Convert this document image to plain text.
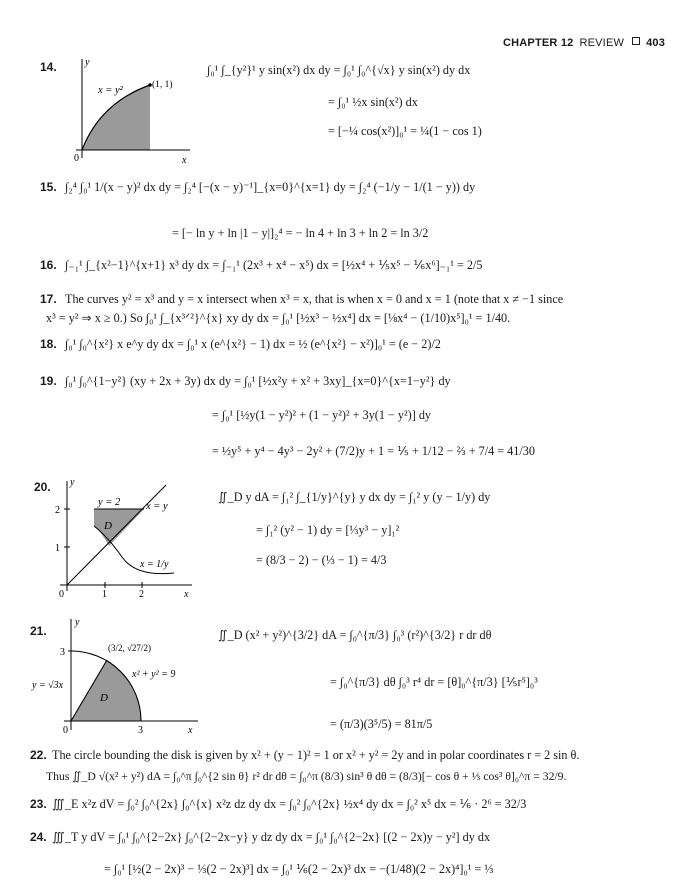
CHAPTER 12 REVIEW 403
14.	y
x = y²	(1, 1)
0	x
∫₀¹ ∫_{y²}¹ y sin(x²) dx dy = ∫₀¹ ∫₀^{√x} y sin(x²) dy dx
= ∫₀¹ ½x sin(x²) dx
= [−¼ cos(x²)]₀¹ = ¼(1 − cos 1)
15. ∫₂⁴ ∫₀¹ 1/(x − y)² dx dy = ∫₂⁴ [−(x − y)⁻¹]_{x=0}^{x=1} dy = ∫₂⁴ (−1/y − 1/(1 − y)) dy
= [− ln y + ln |1 − y|]₂⁴ = − ln 4 + ln 3 + ln 2 = ln 3/2
16. ∫₋₁¹ ∫_{x²−1}^{x+1} x³ dy dx = ∫₋₁¹ (2x³ + x⁴ − x⁵) dx = [½x⁴ + ⅕x⁵ − ⅙x⁶]₋₁¹ = 2/5
17. The curves y² = x³ and y = x intersect when x³ = x, that is when x = 0 and x = 1 (note that x ≠ −1 since
x³ = y² ⇒ x ≥ 0.) So ∫₀¹ ∫_{x³ᐟ²}^{x} xy dy dx = ∫₀¹ [½x³ − ½x⁴] dx = [⅛x⁴ − (1/10)x⁵]₀¹ = 1/40.
18. ∫₀¹ ∫₀^{x²} x e^y dy dx = ∫₀¹ x (e^{x²} − 1) dx = ½ (e^{x²} − x²)]₀¹ = (e − 2)/2
19. ∫₀¹ ∫₀^{1−y²} (xy + 2x + 3y) dx dy = ∫₀¹ [½x²y + x² + 3xy]_{x=0}^{x=1−y²} dy
= ∫₀¹ [½y(1 − y²)² + (1 − y²)² + 3y(1 − y²)] dy
= ½y⁵ + y⁴ − 4y³ − 2y² + (7/2)y + 1 = ⅕ + 1/12 − ⅔ + 7/4 = 41/30
20. y
y = 2 x = y
D
2
1
x = 1/y
0	1	2	x
∬_D y dA = ∫₁² ∫_{1/y}^{y} y dx dy = ∫₁² y (y − 1/y) dy
= ∫₁² (y² − 1) dy = [⅓y³ − y]₁²
= (8/3 − 2) − (⅓ − 1) = 4/3
21.
y
3	(3/2, √27/2)
x² + y² = 9
y = √3x
D
0	3	x
∬_D (x² + y²)^{3/2} dA = ∫₀^{π/3} ∫₀³ (r²)^{3/2} r dr dθ
= ∫₀^{π/3} dθ ∫₀³ r⁴ dr = [θ]₀^{π/3} [⅕r⁵]₀³
= (π/3)(3⁵/5) = 81π/5
22. The circle bounding the disk is given by x² + (y − 1)² = 1 or x² + y² = 2y and in polar coordinates r = 2 sin θ.
Thus ∬_D √(x² + y²) dA = ∫₀^π ∫₀^{2 sin θ} r² dr dθ = ∫₀^π (8/3) sin³ θ dθ = (8/3)[− cos θ + ⅓ cos³ θ]₀^π = 32/9.
23. ∭_E x²z dV = ∫₀² ∫₀^{2x} ∫₀^{x} x²z dz dy dx = ∫₀² ∫₀^{2x} ½x⁴ dy dx = ∫₀² x⁵ dx = ⅙ · 2⁶ = 32/3
24. ∭_T y dV = ∫₀¹ ∫₀^{2−2x} ∫₀^{2−2x−y} y dz dy dx = ∫₀¹ ∫₀^{2−2x} [(2 − 2x)y − y²] dy dx
= ∫₀¹ [½(2 − 2x)³ − ⅓(2 − 2x)³] dx = ∫₀¹ ⅙(2 − 2x)³ dx = −(1/48)(2 − 2x)⁴]₀¹ = ⅓
